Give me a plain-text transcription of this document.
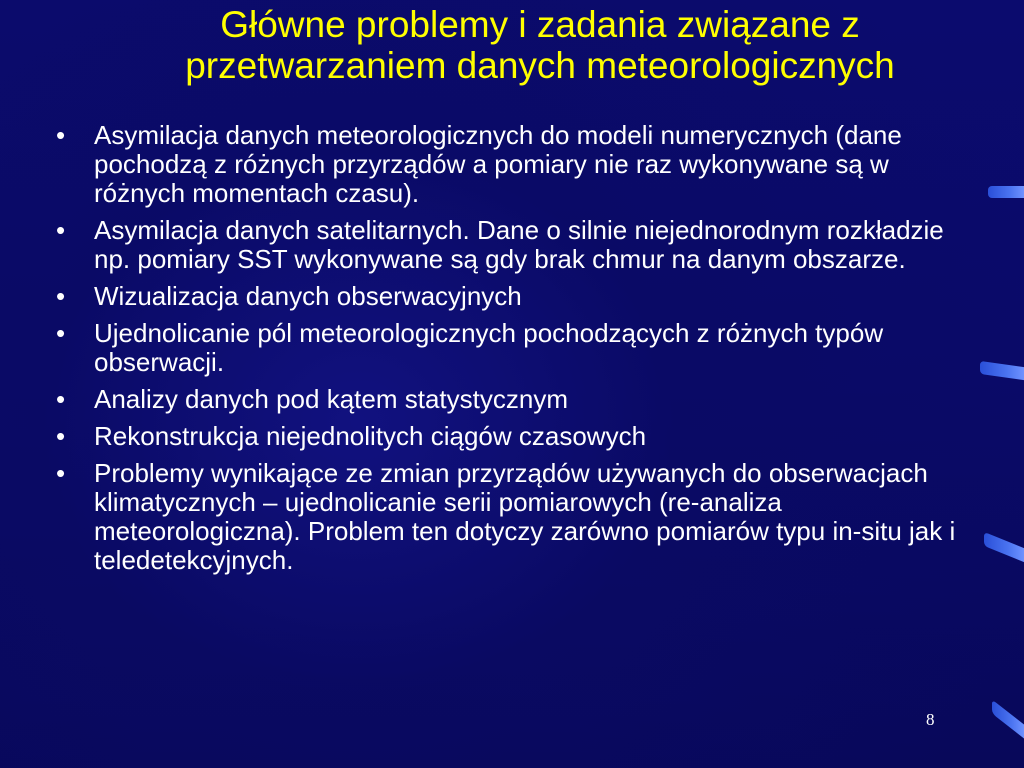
Główne problemy i zadania związane z
przetwarzaniem danych meteorologicznych
• Asymilacja danych meteorologicznych do modeli numerycznych (dane pochodzą z różnych przyrządów a pomiary nie raz wykonywane są w różnych momentach czasu).
• Asymilacja danych satelitarnych. Dane o silnie niejednorodnym rozkładzie np. pomiary SST wykonywane są gdy brak chmur na danym obszarze.
• Wizualizacja danych obserwacyjnych
• Ujednolicanie pól meteorologicznych pochodzących z różnych typów obserwacji.
• Analizy danych pod kątem statystycznym
• Rekonstrukcja niejednolitych ciągów czasowych
• Problemy wynikające ze zmian przyrządów używanych do obserwacjach klimatycznych – ujednolicanie serii pomiarowych (re-analiza meteorologiczna). Problem ten dotyczy zarówno pomiarów typu in-situ jak i teledetekcyjnych.
8
